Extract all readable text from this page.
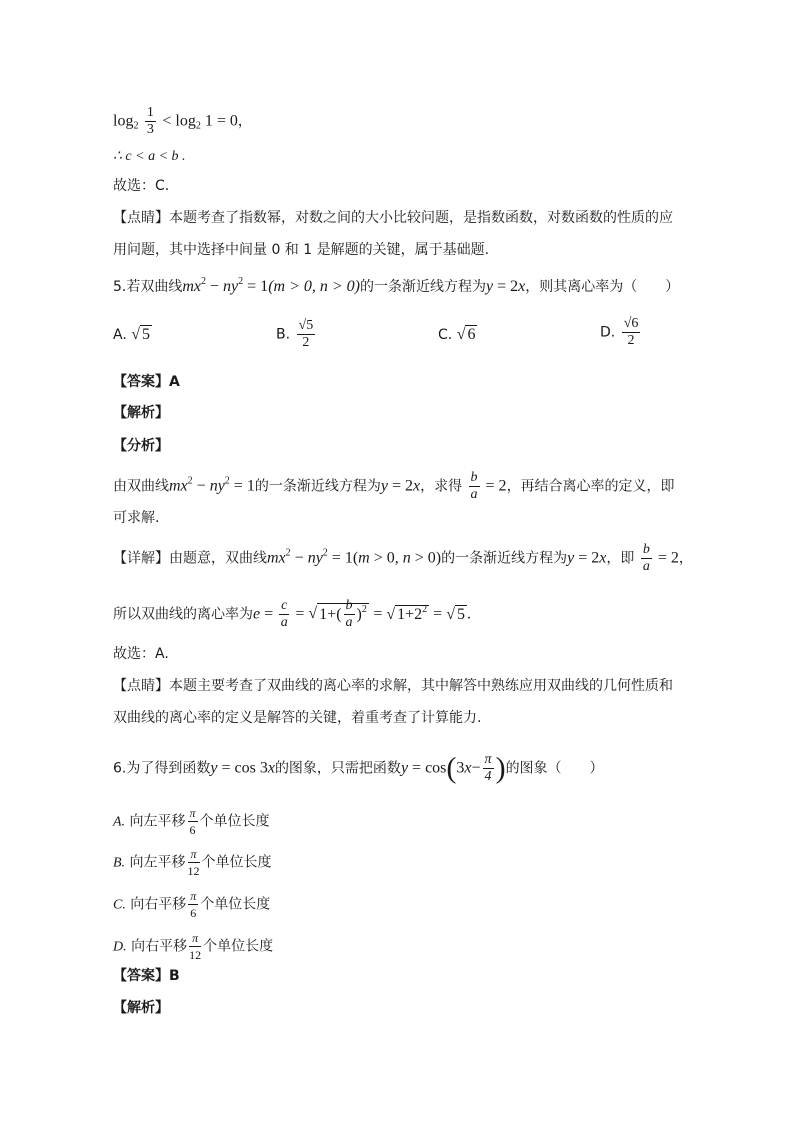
$\log_2 \frac{1}{3} < \log_2 1 = 0$，
∴ c < a < b .
故选：C.
【点睛】本题考查了指数幂，对数之间的大小比较问题，是指数函数，对数函数的性质的应
用问题，其中选择中间量 0 和 1 是解题的关键，属于基础题.
5.若双曲线$mx^2 - ny^2 = 1(m > 0$, n > 0)的一条渐近线方程为y = 2x，则其离心率为（　　）
A. √ 5	B. $\frac{√5}{2}$	C. √ 6	D. $\frac{√6}{2}$
【答案】A
【解析】
【分析】
由双曲线$mx^2 - ny^2 = 1$的一条渐近线方程为y = 2x，求得 $\frac{b}{a} = 2$，再结合离心率的定义，即
可求解.
【详解】由题意，双曲线$mx^2 - ny^2 = 1(m > 0$, n > 0)的一条渐近线方程为y = 2x，即 $\frac{b}{a} = 2$，
所以双曲线的离心率为$e = \frac{c}{a}$ = √ $1+( \frac{b}{a} )^2$ = √ $1+2^2$ = √ 5 .
故选：A.
【点睛】本题主要考查了双曲线的离心率的求解，其中解答中熟练应用双曲线的几何性质和
双曲线的离心率的定义是解答的关键，着重考查了计算能力.
6.为了得到函数y = cos 3x的图象，只需把函数$y = \cos(3x- \frac{\pi}{4}$ )的图象（　　）
A. 向左平移 $\frac{\pi}{6}$ 个单位长度
B. 向左平移 $\frac{\pi}{12}$ 个单位长度
C. 向右平移 $\frac{\pi}{6}$ 个单位长度
D. 向右平移 $\frac{\pi}{12}$ 个单位长度
【答案】B
【解析】
